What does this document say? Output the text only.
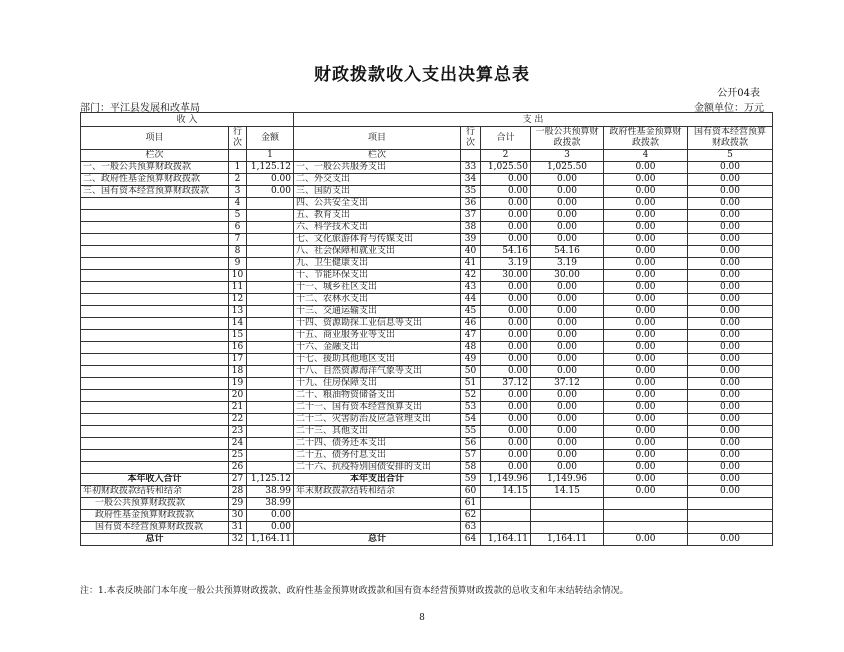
财政拨款收入支出决算总表
公开04表
部门：平江县发展和改革局	金额单位：万元
收 入			支 出					
项目	行次	金额	项目	行次	合计	一般公共预算财政拨款	政府性基金预算财政拨款	国有资本经营预算财政拨款
栏次		1	栏次		2	3	4	5
一、一般公共预算财政拨款	1	1,125.12	一、一般公共服务支出	33	1,025.50	1,025.50	0.00	0.00
二、政府性基金预算财政拨款	2	0.00	二、外交支出	34	0.00	0.00	0.00	0.00
三、国有资本经营预算财政拨款	3	0.00	三、国防支出	35	0.00	0.00	0.00	0.00
	4		四、公共安全支出	36	0.00	0.00	0.00	0.00
	5		五、教育支出	37	0.00	0.00	0.00	0.00
	6		六、科学技术支出	38	0.00	0.00	0.00	0.00
	7		七、文化旅游体育与传媒支出	39	0.00	0.00	0.00	0.00
	8		八、社会保障和就业支出	40	54.16	54.16	0.00	0.00
	9		九、卫生健康支出	41	3.19	3.19	0.00	0.00
	10		十、节能环保支出	42	30.00	30.00	0.00	0.00
	11		十一、城乡社区支出	43	0.00	0.00	0.00	0.00
	12		十二、农林水支出	44	0.00	0.00	0.00	0.00
	13		十三、交通运输支出	45	0.00	0.00	0.00	0.00
	14		十四、资源勘探工业信息等支出	46	0.00	0.00	0.00	0.00
	15		十五、商业服务业等支出	47	0.00	0.00	0.00	0.00
	16		十六、金融支出	48	0.00	0.00	0.00	0.00
	17		十七、援助其他地区支出	49	0.00	0.00	0.00	0.00
	18		十八、自然资源海洋气象等支出	50	0.00	0.00	0.00	0.00
	19		十九、住房保障支出	51	37.12	37.12	0.00	0.00
	20		二十、粮油物资储备支出	52	0.00	0.00	0.00	0.00
	21		二十一、国有资本经营预算支出	53	0.00	0.00	0.00	0.00
	22		二十二、灾害防治及应急管理支出	54	0.00	0.00	0.00	0.00
	23		二十三、其他支出	55	0.00	0.00	0.00	0.00
	24		二十四、债务还本支出	56	0.00	0.00	0.00	0.00
	25		二十五、债务付息支出	57	0.00	0.00	0.00	0.00
	26		二十六、抗疫特别国债安排的支出	58	0.00	0.00	0.00	0.00
本年收入合计	27	1,125.12	本年支出合计	59	1,149.96	1,149.96	0.00	0.00
年初财政拨款结转和结余	28	38.99	年末财政拨款结转和结余	60	14.15	14.15	0.00	0.00
一般公共预算财政拨款	29	38.99		61				
政府性基金预算财政拨款	30	0.00		62				
国有资本经营预算财政拨款	31	0.00		63				
总计	32	1,164.11	总计	64	1,164.11	1,164.11	0.00	0.00
注：1.本表反映部门本年度一般公共预算财政拨款、政府性基金预算财政拨款和国有资本经营预算财政拨款的总收支和年末结转结余情况。
8
